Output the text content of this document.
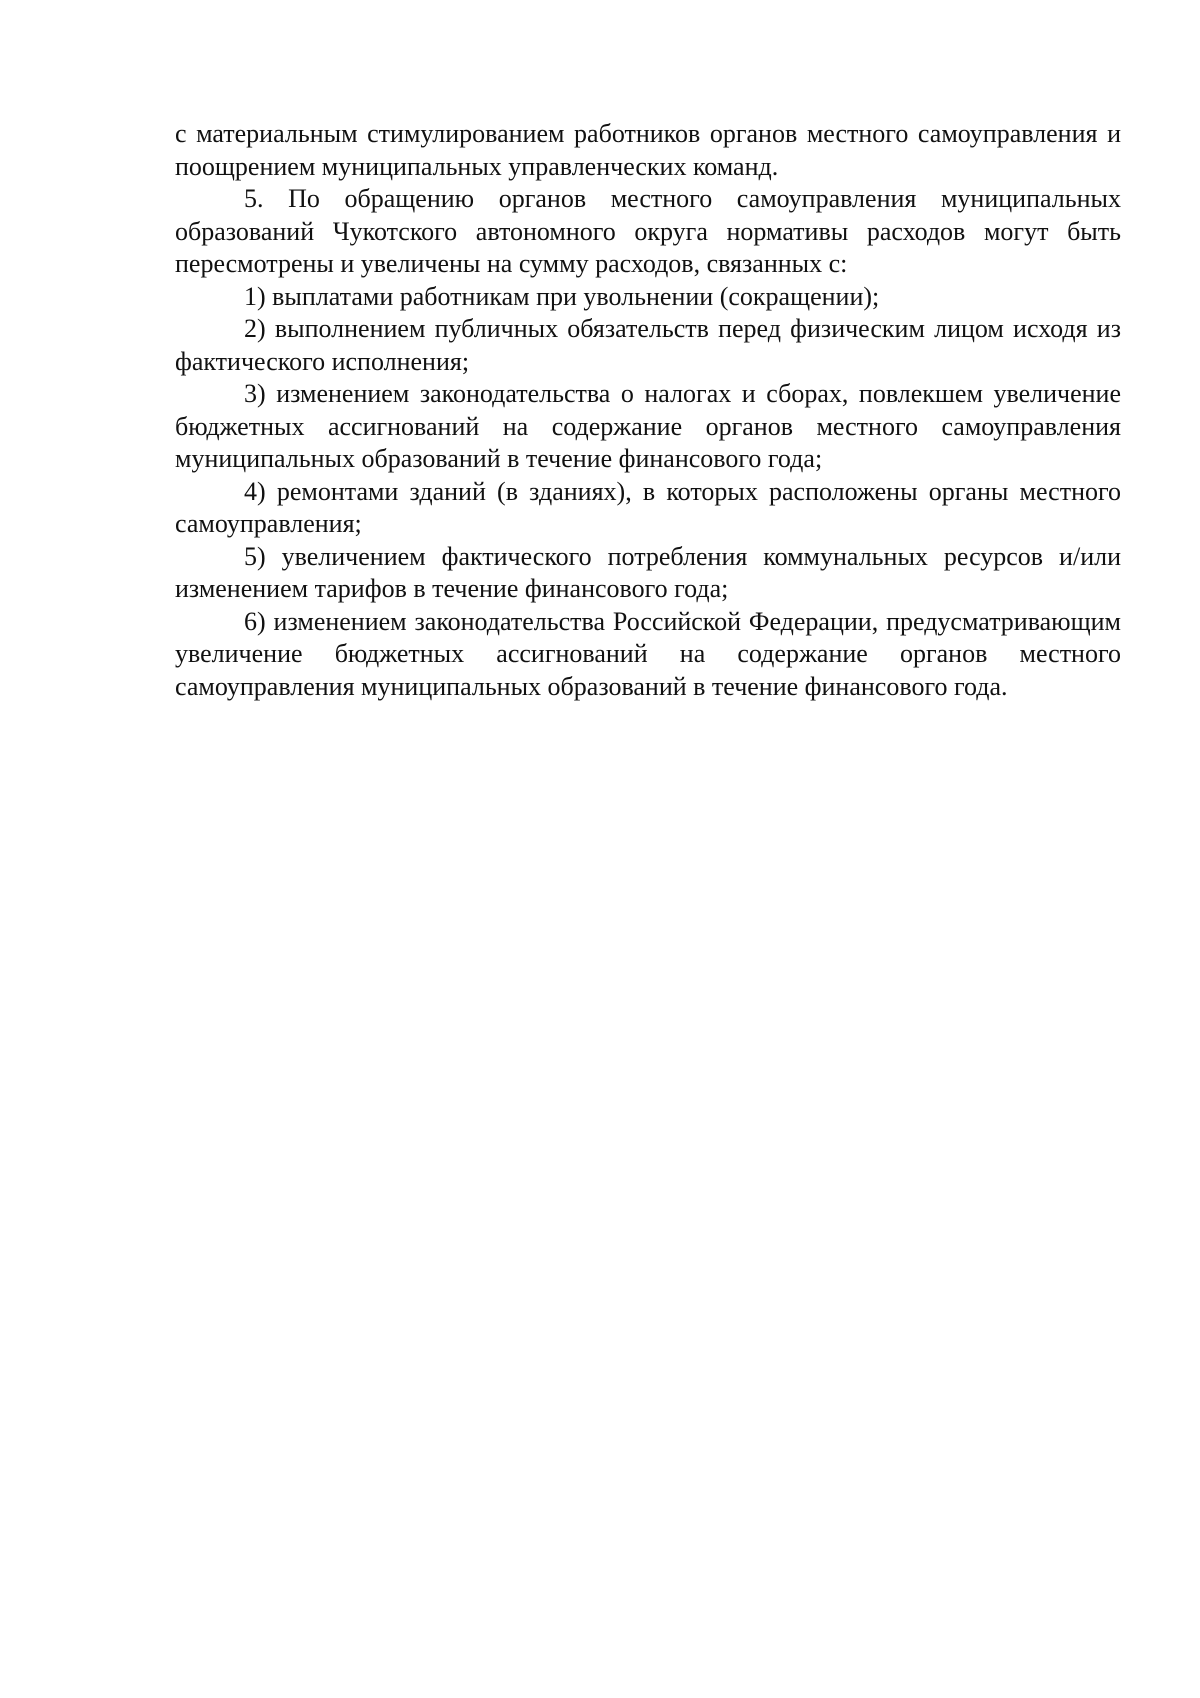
с материальным стимулированием работников органов местного самоуправления и поощрением муниципальных управленческих команд.

5. По обращению органов местного самоуправления муниципальных образований Чукотского автономного округа нормативы расходов могут быть пересмотрены и увеличены на сумму расходов, связанных с:

1) выплатами работникам при увольнении (сокращении);

2) выполнением публичных обязательств перед физическим лицом исходя из фактического исполнения;

3) изменением законодательства о налогах и сборах, повлекшем увеличение бюджетных ассигнований на содержание органов местного самоуправления муниципальных образований в течение финансового года;

4) ремонтами зданий (в зданиях), в которых расположены органы местного самоуправления;

5) увеличением фактического потребления коммунальных ресурсов и/или изменением тарифов в течение финансового года;

6) изменением законодательства Российской Федерации, предусматривающим увеличение бюджетных ассигнований на содержание органов местного самоуправления муниципальных образований в течение финансового года.
